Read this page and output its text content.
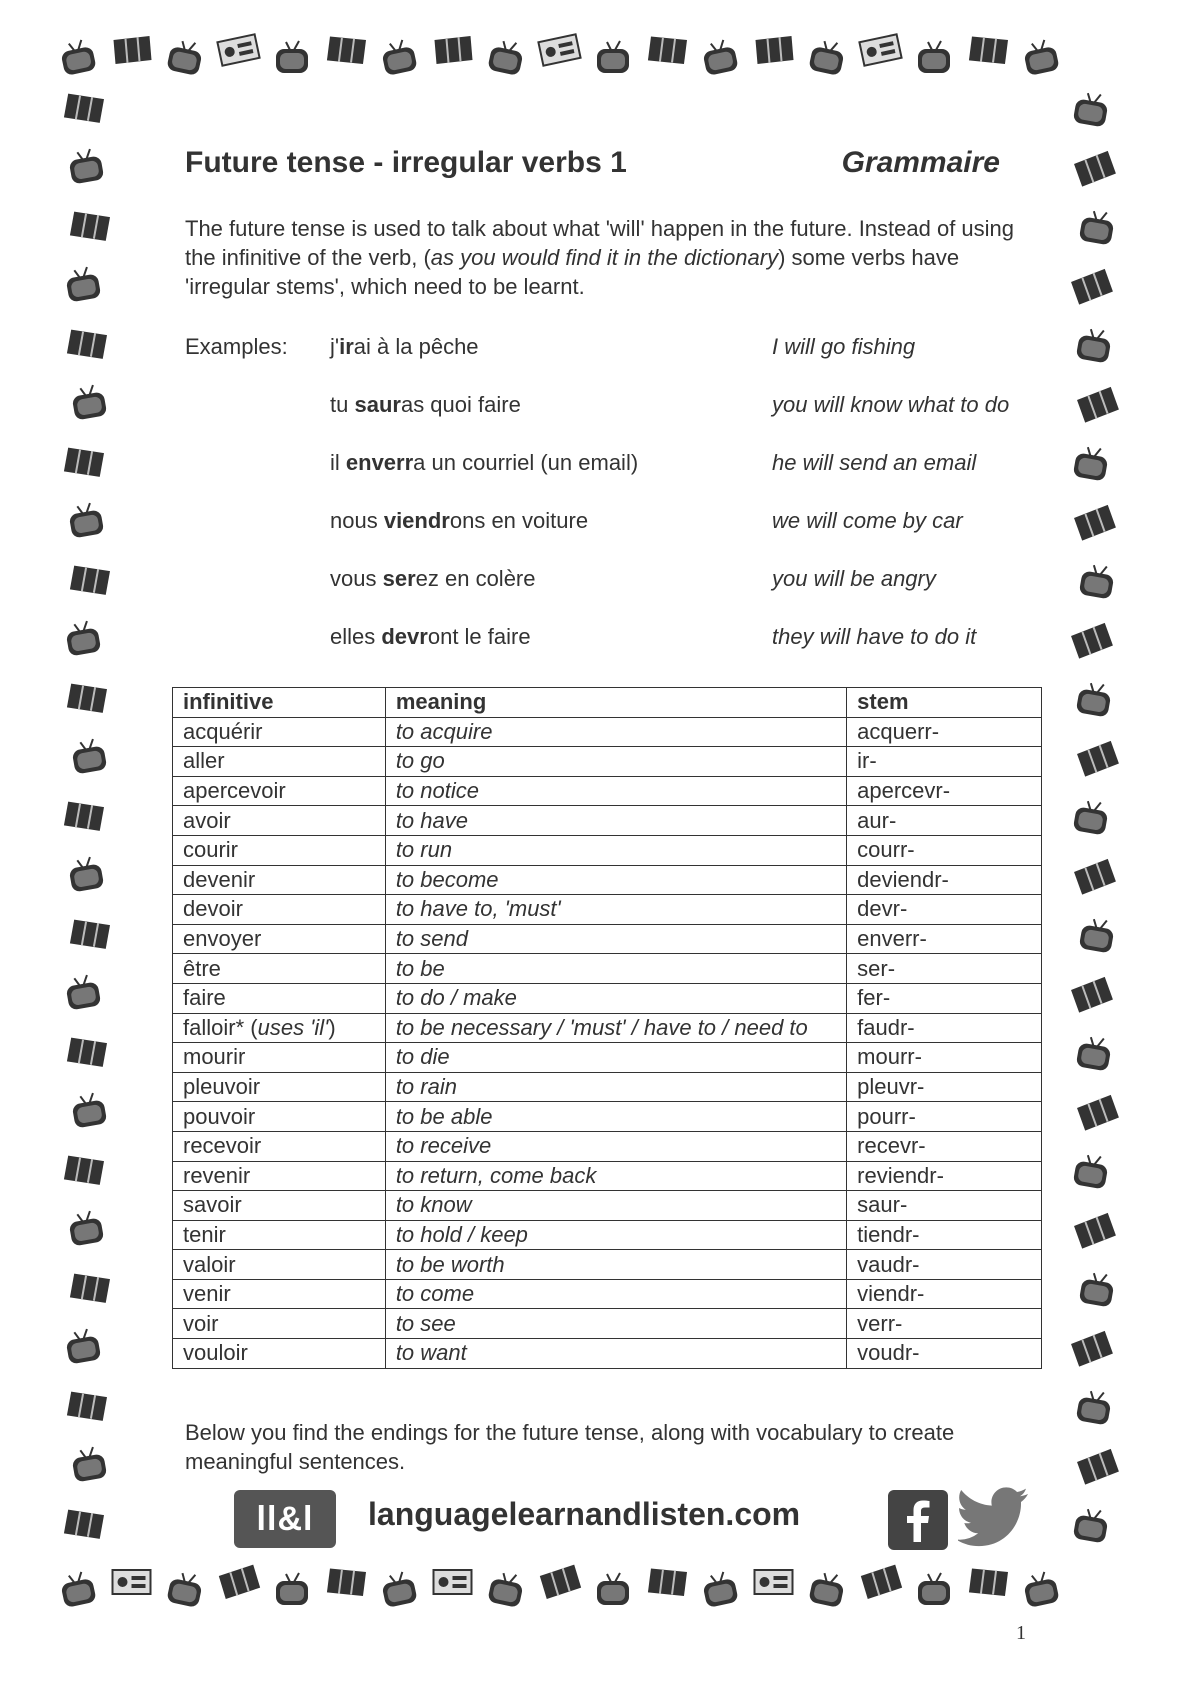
Future tense - irregular verbs 1	Grammaire
The future tense is used to talk about what 'will' happen in the future. Instead of using the infinitive of the verb, (as you would find it in the dictionary) some verbs have 'irregular stems', which need to be learnt.
Examples: j'irai à la pêche	I will go fishing
tu sauras quoi faire	you will know what to do
il enverra un courriel (un email)	he will send an email
nous viendrons en voiture	we will come by car
vous serez en colère	you will be angry
elles devront le faire	they will have to do it
infinitive	meaning	stem
acquérir	to acquire	acquerr-
aller	to go	ir-
apercevoir	to notice	apercevr-
avoir	to have	aur-
courir	to run	courr-
devenir	to become	deviendr-
devoir	to have to, 'must'	devr-
envoyer	to send	enverr-
être	to be	ser-
faire	to do / make	fer-
falloir* (uses 'il')	to be necessary / 'must' / have to / need to	faudr-
mourir	to die	mourr-
pleuvoir	to rain	pleuvr-
pouvoir	to be able	pourr-
recevoir	to receive	recevr-
revenir	to return, come back	reviendr-
savoir	to know	saur-
tenir	to hold / keep	tiendr-
valoir	to be worth	vaudr-
venir	to come	viendr-
voir	to see	verr-
vouloir	to want	voudr-
Below you find the endings for the future tense, along with vocabulary to create meaningful sentences.
ll&l	languagelearnandlisten.com
1
